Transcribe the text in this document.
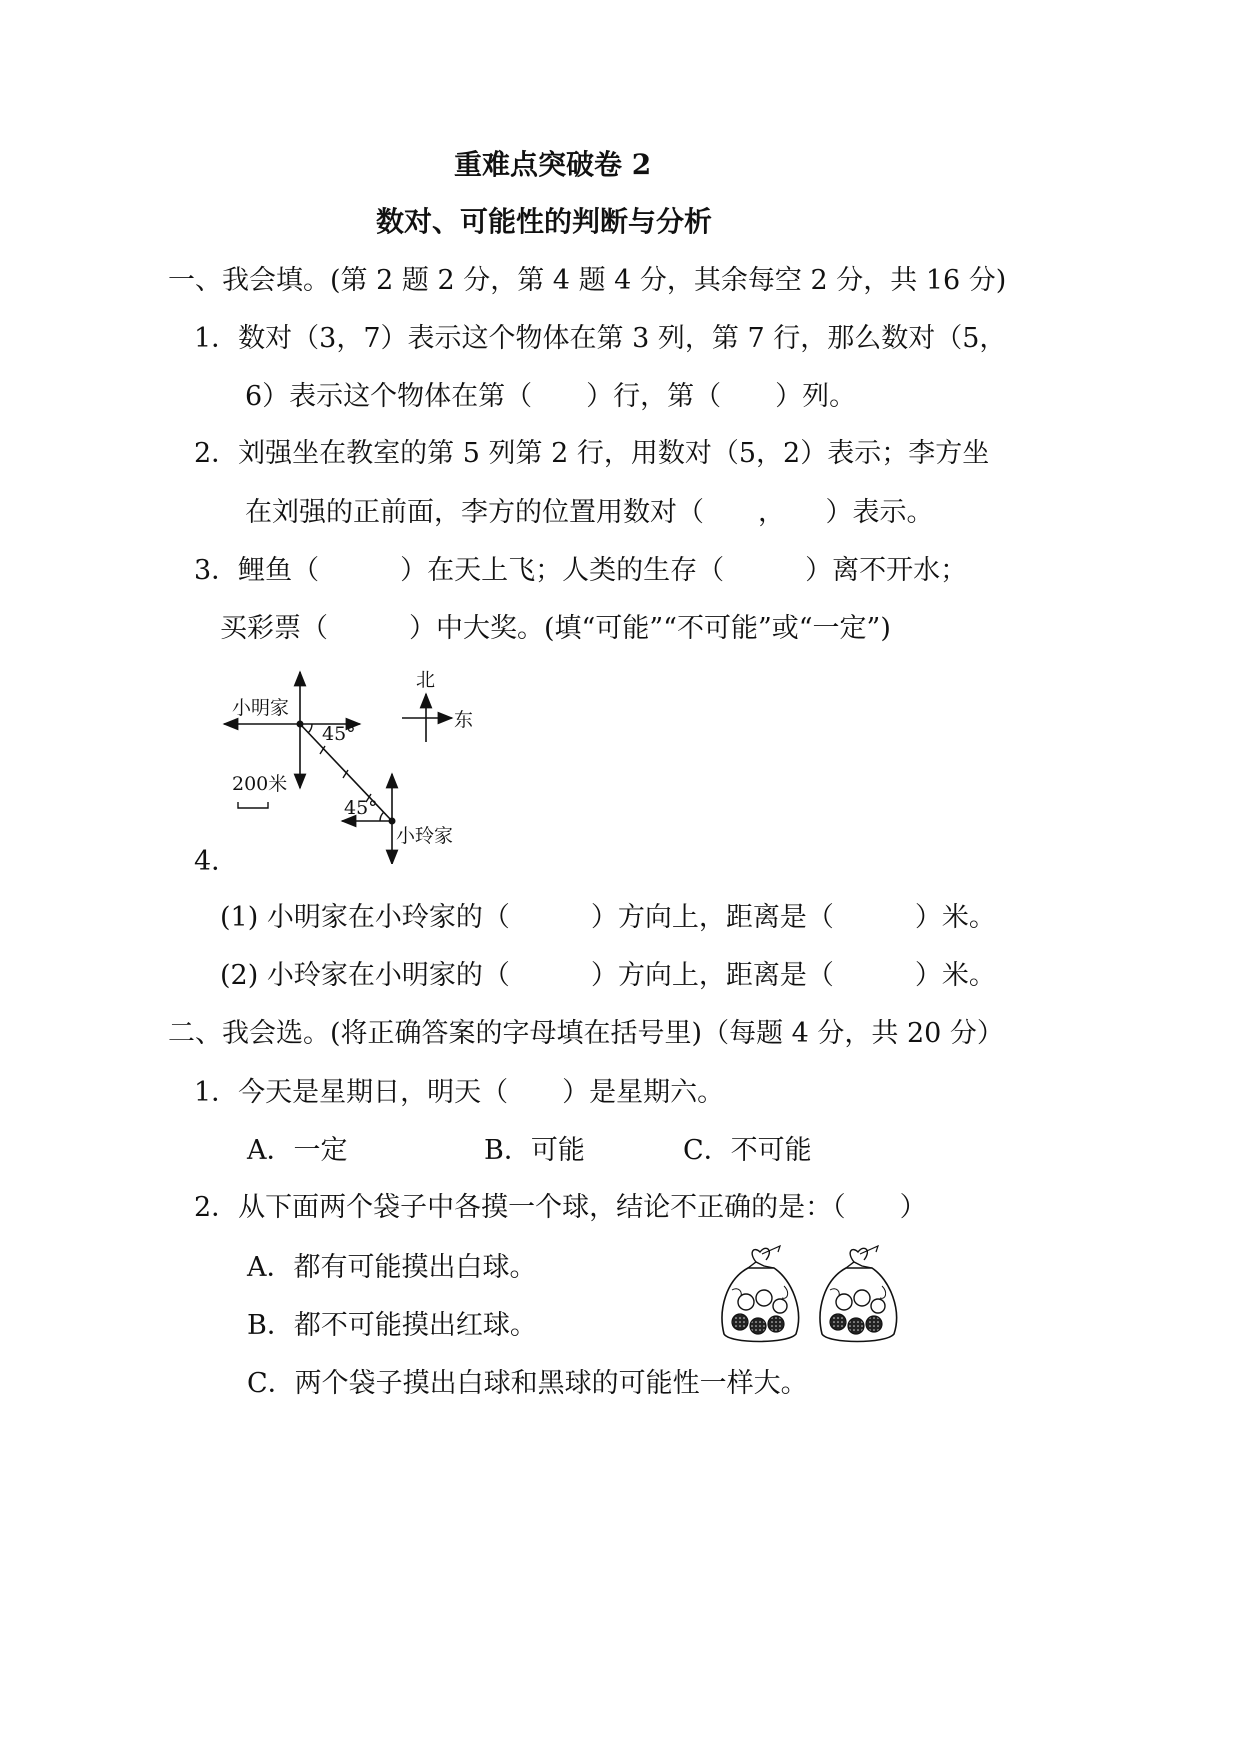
重难点突破卷 2
数对、可能性的判断与分析
一、我会填。(第 2 题 2 分，第 4 题 4 分，其余每空 2 分，共 16 分)
1．数对（3，7）表示这个物体在第 3 列，第 7 行，那么数对（5，
6）表示这个物体在第（　　）行，第（　　）列。
2．刘强坐在教室的第 5 列第 2 行，用数对（5，2）表示；李方坐
在刘强的正前面，李方的位置用数对（　　，　　）表示。
3．鲤鱼（　　　）在天上飞；人类的生存（　　　）离不开水；
买彩票（　　　）中大奖。(填“可能”“不可能”或“一定”)
小明家
45°
45°
小玲家
200米
北
东
4．
(1) 小明家在小玲家的（　　　）方向上，距离是（　　　）米。
(2) 小玲家在小明家的（　　　）方向上，距离是（　　　）米。
二、我会选。(将正确答案的字母填在括号里)（每题 4 分，共 20 分）
1．今天是星期日，明天（　　）是星期六。
A．一定	B．可能	C．不可能
2．从下面两个袋子中各摸一个球，结论不正确的是：（　　）
A．都有可能摸出白球。
B．都不可能摸出红球。
C．两个袋子摸出白球和黑球的可能性一样大。
